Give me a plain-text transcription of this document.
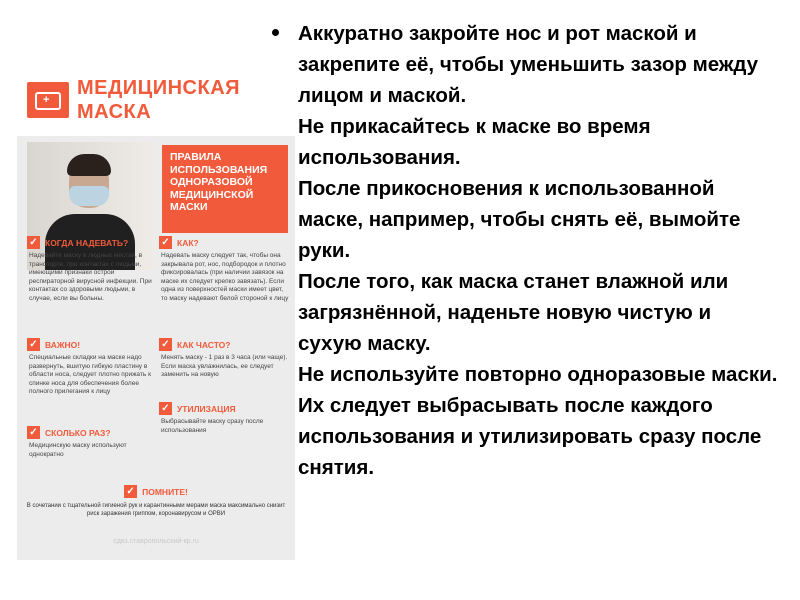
+
МЕДИЦИНСКАЯ
МАСКА
ПРАВИЛА ИСПОЛЬЗОВАНИЯ ОДНОРАЗОВОЙ МЕДИЦИНСКОЙ МАСКИ
✓ КОГДА НАДЕВАТЬ?
Надевайте маску в людных местах, в транспорте, при контактах с людьми, имеющими признаки острой респираторной вирусной инфекции. При контактах со здоровыми людьми, в случае, если вы больны.
✓ КАК?
Надевать маску следует так, чтобы она закрывала рот, нос, подбородок и плотно фиксировалась (при наличии завязок на маске их следует крепко завязать). Если одна из поверхностей маски имеет цвет, то маску надевают белой стороной к лицу
✓ ВАЖНО!
Специальные складки на маске надо развернуть, вшитую гибкую пластину в области носа, следует плотно прижать к спинке носа для обеспечения более полного прилегания к лицу
✓ КАК ЧАСТО?
Менять маску - 1 раз в 3 часа (или чаще). Если маска увлажнилась, ее следует заменить на новую
✓ УТИЛИЗАЦИЯ
Выбрасывайте маску сразу после использования
✓ СКОЛЬКО РАЗ?
Медицинскую маску используют однократно
✓ ПОМНИТЕ!
В сочетании с тщательной гигиеной рук и карантинными мерами маска максимально снизит риск заражения гриппом, коронавирусом и ОРВИ
сдвз.ставропольский-кр.ru

Аккуратно закройте нос и рот маской и закрепите её, чтобы уменьшить зазор между лицом и маской.

Не прикасайтесь к маске во время использования.

После прикосновения к использованной маске, например, чтобы снять её, вымойте руки.

После того, как маска станет влажной или загрязнённой, наденьте новую чистую и сухую маску.

Не используйте повторно одноразовые маски. Их следует выбрасывать после каждого использования и утилизировать сразу после снятия.
